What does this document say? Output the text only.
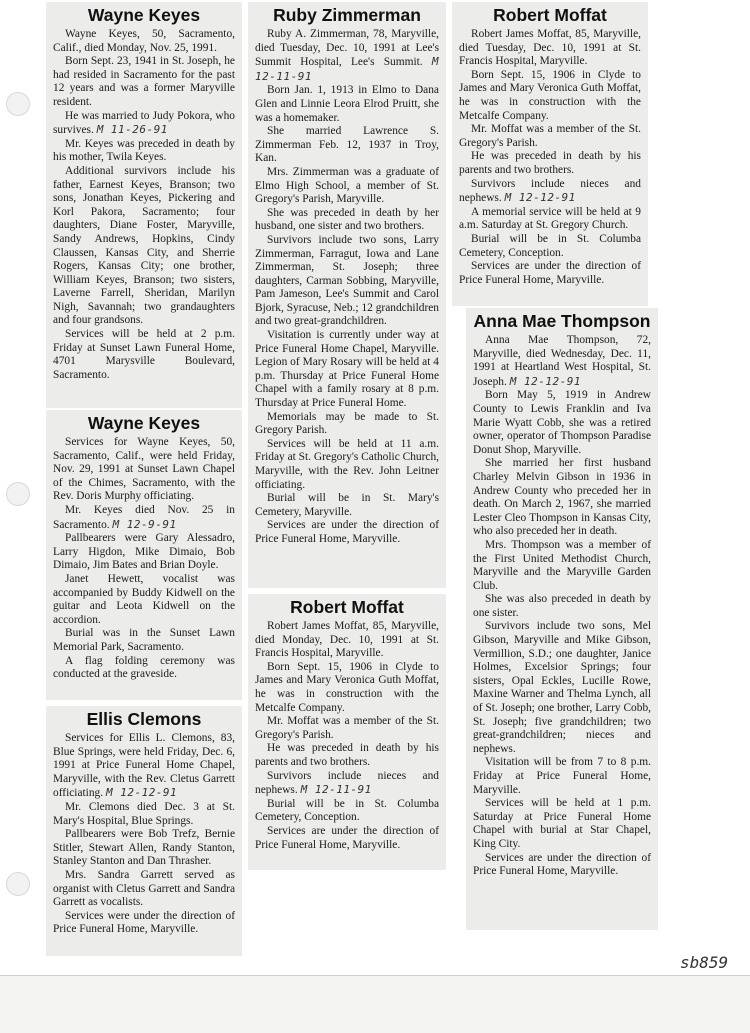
Wayne Keyes

Wayne Keyes, 50, Sacramento, Calif., died Monday, Nov. 25, 1991.

Born Sept. 23, 1941 in St. Joseph, he had resided in Sacramento for the past 12 years and was a former Maryville resident.

He was married to Judy Pokora, who survives. M 11-26-91

Mr. Keyes was preceded in death by his mother, Twila Keyes.

Additional survivors include his father, Earnest Keyes, Branson; two sons, Jonathan Keyes, Pickering and Korl Pakora, Sacramento; four daughters, Diane Foster, Maryville, Sandy Andrews, Hopkins, Cindy Claussen, Kansas City, and Sherrie Rogers, Kansas City; one brother, William Keyes, Branson; two sisters, Laverne Farrell, Sheridan, Marilyn Nigh, Savannah; two grandaughters and four grandsons.

Services will be held at 2 p.m. Friday at Sunset Lawn Funeral Home, 4701 Marysville Boulevard, Sacramento.

Wayne Keyes

Services for Wayne Keyes, 50, Sacramento, Calif., were held Friday, Nov. 29, 1991 at Sunset Lawn Chapel of the Chimes, Sacramento, with the Rev. Doris Murphy officiating.

Mr. Keyes died Nov. 25 in Sacramento. M 12-9-91

Pallbearers were Gary Alessadro, Larry Higdon, Mike Dimaio, Bob Dimaio, Jim Bates and Brian Doyle.

Janet Hewett, vocalist was accompanied by Buddy Kidwell on the guitar and Leota Kidwell on the accordion.

Burial was in the Sunset Lawn Memorial Park, Sacramento.

A flag folding ceremony was conducted at the graveside.

Ellis Clemons

Services for Ellis L. Clemons, 83, Blue Springs, were held Friday, Dec. 6, 1991 at Price Funeral Home Chapel, Maryville, with the Rev. Cletus Garrett officiating. M 12-12-91

Mr. Clemons died Dec. 3 at St. Mary's Hospital, Blue Springs.

Pallbearers were Bob Trefz, Bernie Stitler, Stewart Allen, Randy Stanton, Stanley Stanton and Dan Thrasher.

Mrs. Sandra Garrett served as organist with Cletus Garrett and Sandra Garrett as vocalists.

Services were under the direction of Price Funeral Home, Maryville.

Ruby Zimmerman

Ruby A. Zimmerman, 78, Maryville, died Tuesday, Dec. 10, 1991 at Lee's Summit Hospital, Lee's Summit. M 12-11-91

Born Jan. 1, 1913 in Elmo to Dana Glen and Linnie Leora Elrod Pruitt, she was a homemaker.

She married Lawrence S. Zimmerman Feb. 12, 1937 in Troy, Kan.

Mrs. Zimmerman was a graduate of Elmo High School, a member of St. Gregory's Parish, Maryville.

She was preceded in death by her husband, one sister and two brothers.

Survivors include two sons, Larry Zimmerman, Farragut, Iowa and Lane Zimmerman, St. Joseph; three daughters, Carman Sobbing, Maryville, Pam Jameson, Lee's Summit and Carol Bjork, Syracuse, Neb.; 12 grandchildren and two great-grandchildren.

Visitation is currently under way at Price Funeral Home Chapel, Maryville. Legion of Mary Rosary will be held at 4 p.m. Thursday at Price Funeral Home Chapel with a family rosary at 8 p.m. Thursday at Price Funeral Home.

Memorials may be made to St. Gregory Parish.

Services will be held at 11 a.m. Friday at St. Gregory's Catholic Church, Maryville, with the Rev. John Leitner officiating.

Burial will be in St. Mary's Cemetery, Maryville.

Services are under the direction of Price Funeral Home, Maryville.

Robert Moffat

Robert James Moffat, 85, Maryville, died Monday, Dec. 10, 1991 at St. Francis Hospital, Maryville.

Born Sept. 15, 1906 in Clyde to James and Mary Veronica Guth Moffat, he was in construction with the Metcalfe Company.

Mr. Moffat was a member of the St. Gregory's Parish.

He was preceded in death by his parents and two brothers.

Survivors include nieces and nephews. M 12-11-91

Burial will be in St. Columba Cemetery, Conception.

Services are under the direction of Price Funeral Home, Maryville.

Robert Moffat

Robert James Moffat, 85, Maryville, died Tuesday, Dec. 10, 1991 at St. Francis Hospital, Maryville.

Born Sept. 15, 1906 in Clyde to James and Mary Veronica Guth Moffat, he was in construction with the Metcalfe Company.

Mr. Moffat was a member of the St. Gregory's Parish.

He was preceded in death by his parents and two brothers.

Survivors include nieces and nephews. M 12-12-91

A memorial service will be held at 9 a.m. Saturday at St. Gregory Church.

Burial will be in St. Columba Cemetery, Conception.

Services are under the direction of Price Funeral Home, Maryville.

Anna Mae Thompson

Anna Mae Thompson, 72, Maryville, died Wednesday, Dec. 11, 1991 at Heartland West Hospital, St. Joseph. M 12-12-91

Born May 5, 1919 in Andrew County to Lewis Franklin and Iva Marie Wyatt Cobb, she was a retired owner, operator of Thompson Paradise Donut Shop, Maryville.

She married her first husband Charley Melvin Gibson in 1936 in Andrew County who preceded her in death. On March 2, 1967, she married Lester Cleo Thompson in Kansas City, who also preceded her in death.

Mrs. Thompson was a member of the First United Methodist Church, Maryville and the Maryville Garden Club.

She was also preceded in death by one sister.

Survivors include two sons, Mel Gibson, Maryville and Mike Gibson, Vermillion, S.D.; one daughter, Janice Holmes, Excelsior Springs; four sisters, Opal Eckles, Lucille Rowe, Maxine Warner and Thelma Lynch, all of St. Joseph; one brother, Larry Cobb, St. Joseph; five grandchildren; two great-grandchildren; nieces and nephews.

Visitation will be from 7 to 8 p.m. Friday at Price Funeral Home, Maryville.

Services will be held at 1 p.m. Saturday at Price Funeral Home Chapel with burial at Star Chapel, King City.

Services are under the direction of Price Funeral Home, Maryville.

sb859
